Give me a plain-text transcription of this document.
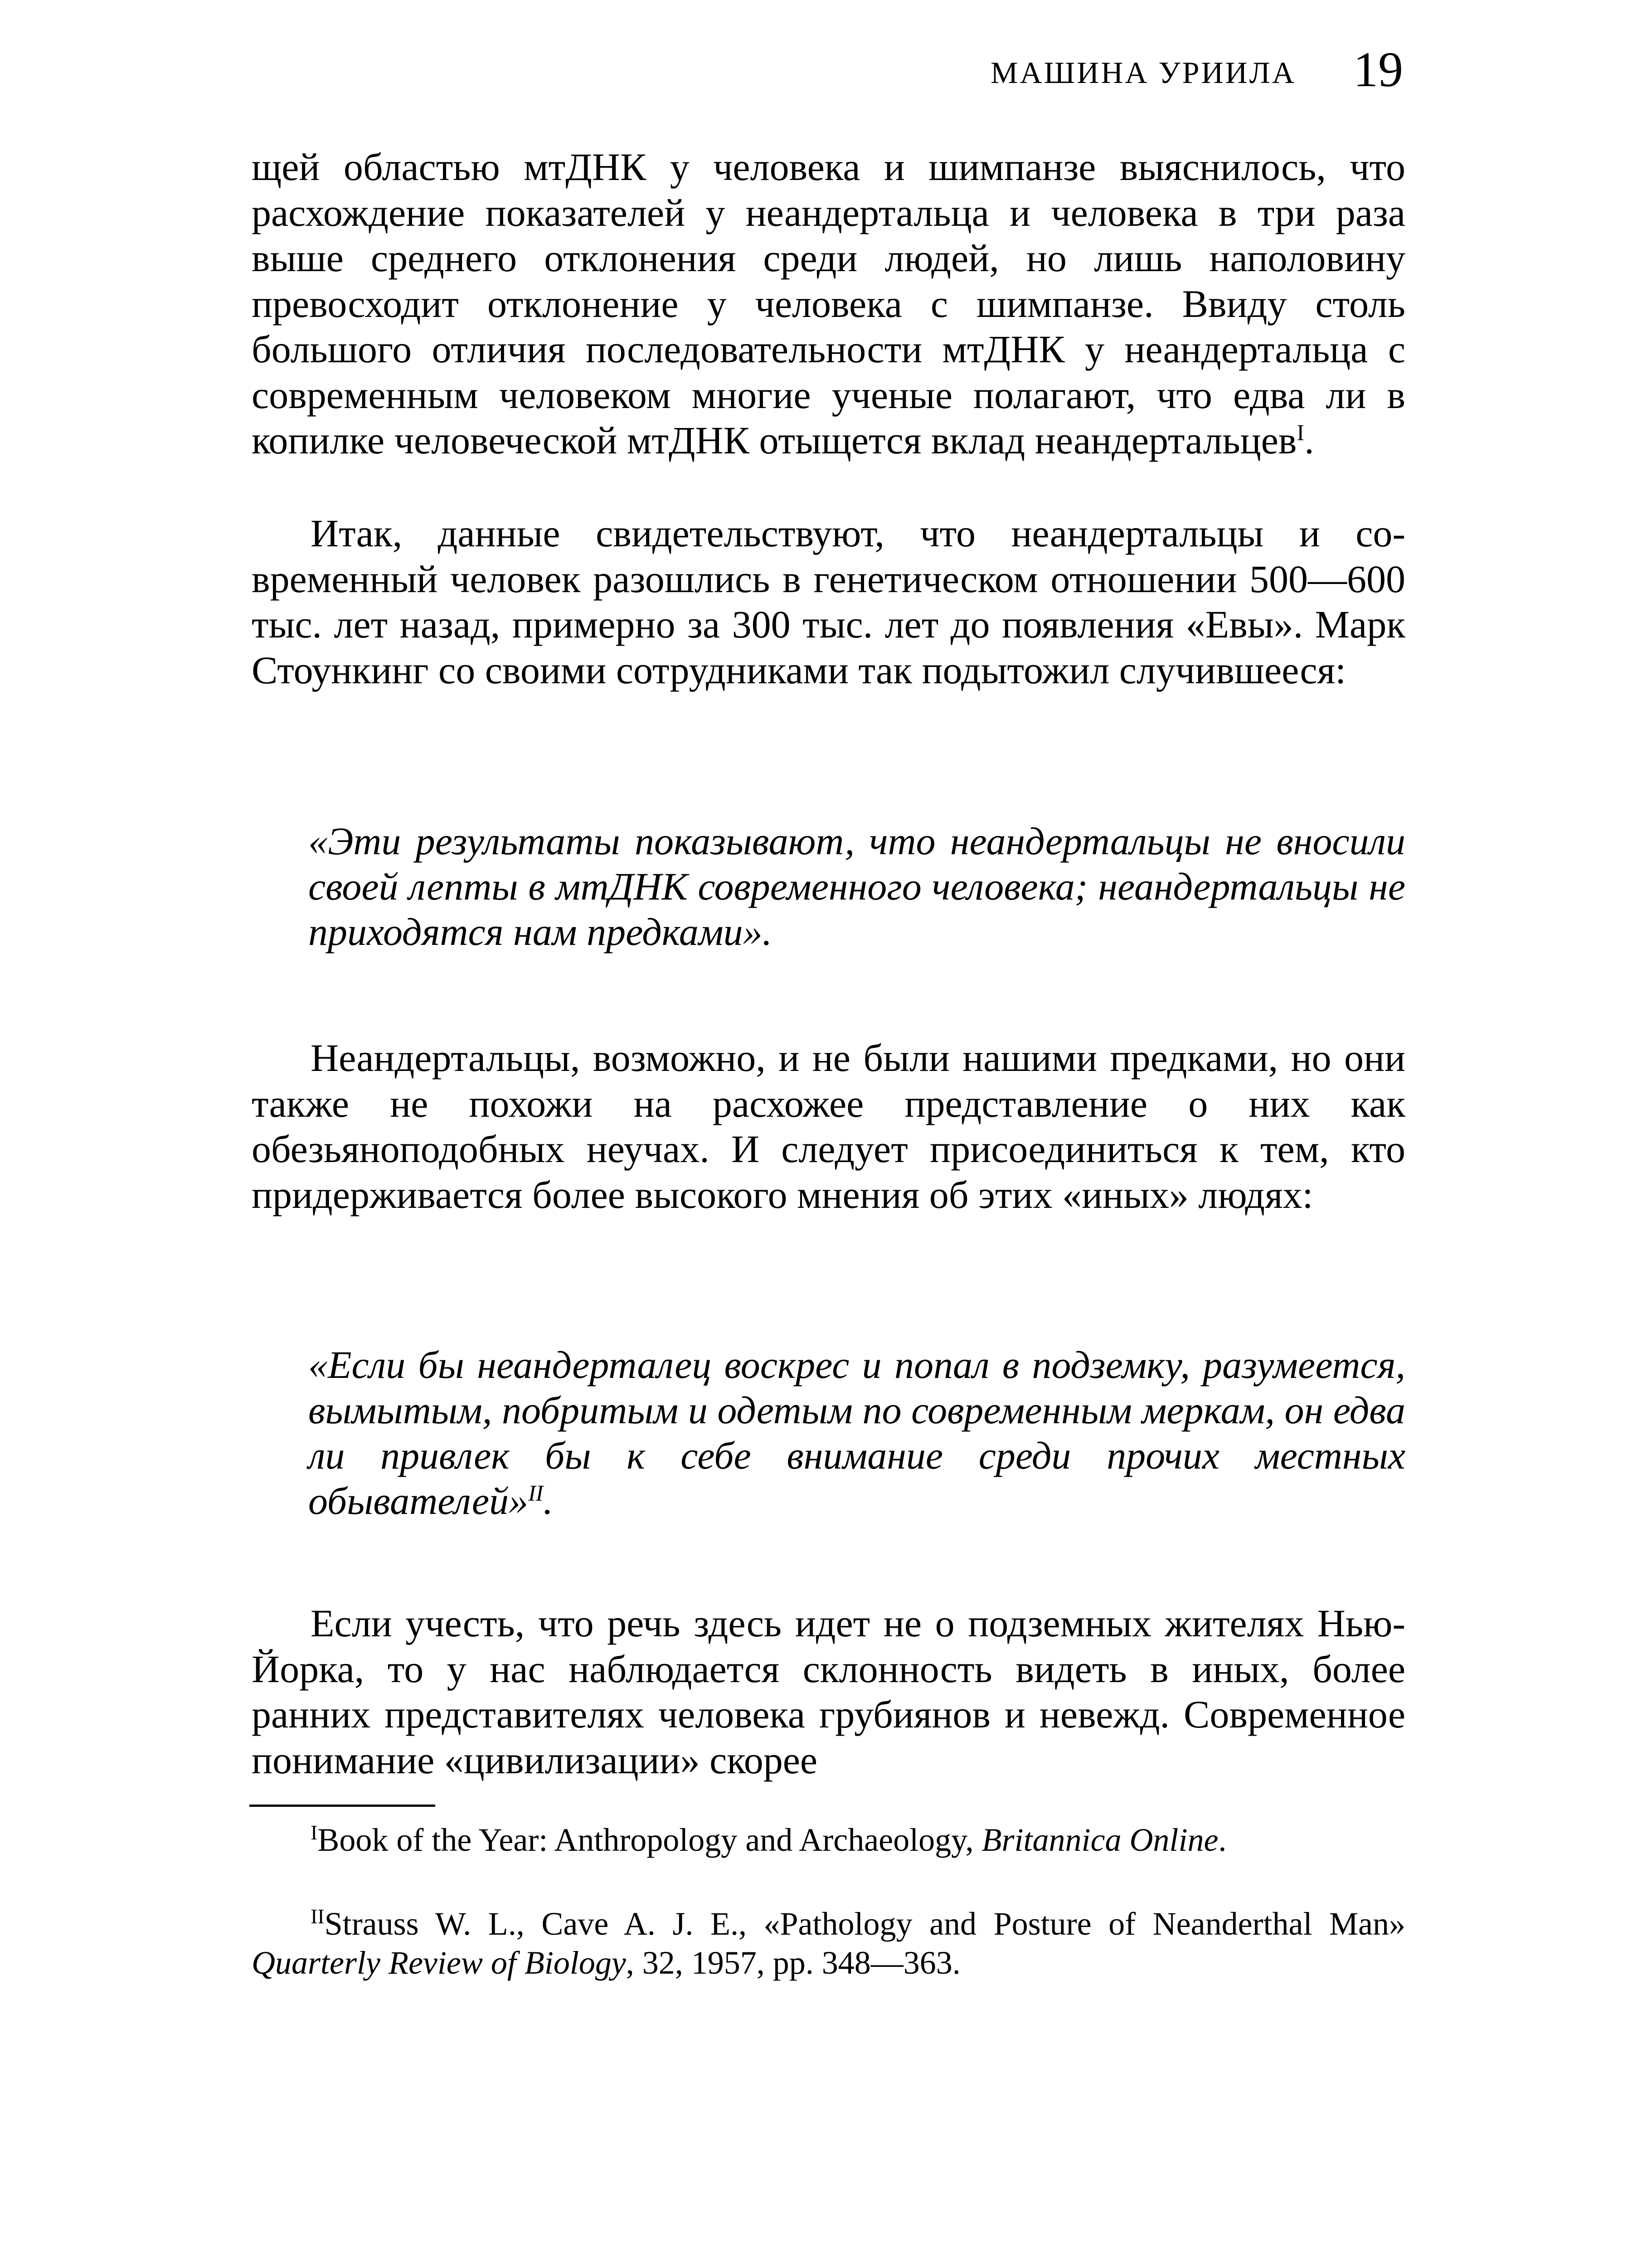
МАШИНА УРИИЛА 19

щей областью мтДНК у человека и шимпанзе выяснилось, что расхождение показателей у неандертальца и человека в три раза выше среднего отклонения среди людей, но лишь наполовину превосходит отклонение у человека с шимпанзе. Ввиду столь большого отличия последовательности мтДНК у неандертальца с современным человеком многие ученые полагают, что едва ли в копилке человеческой мтДНК отыщется вклад неандертальцев$^I$.

Итак, данные свидетельствуют, что неандертальцы и современный человек разошлись в генетическом отношении 500—600 тыс. лет назад, примерно за 300 тыс. лет до появления «Евы». Марк Стоункинг со своими сотрудниками так подытожил случившееся:

«Эти результаты показывают, что неандертальцы не вносили своей лепты в мтДНК современного человека; неандертальцы не приходятся нам предками».

Неандертальцы, возможно, и не были нашими предками, но они также не похожи на расхожее представление о них как обезьяноподобных неучах. И следует присоединиться к тем, кто придерживается более высокого мнения об этих «иных» людях:

«Если бы неандерталец воскрес и попал в подземку, разумеется, вымытым, побритым и одетым по современным меркам, он едва ли привлек бы к себе внимание среди прочих местных обывателей»$^{II}$.

Если учесть, что речь здесь идет не о подземных жителях Нью-Йорка, то у нас наблюдается склонность видеть в иных, более ранних представителях человека грубиянов и невежд. Современное понимание «цивилизации» скорее

$^I$Book of the Year: Anthropology and Archaeology, Britannica Online.

$^{II}$Strauss W. L., Cave A. J. E., «Pathology and Posture of Neanderthal Man» Quarterly Review of Biology, 32, 1957, pp. 348—363.
